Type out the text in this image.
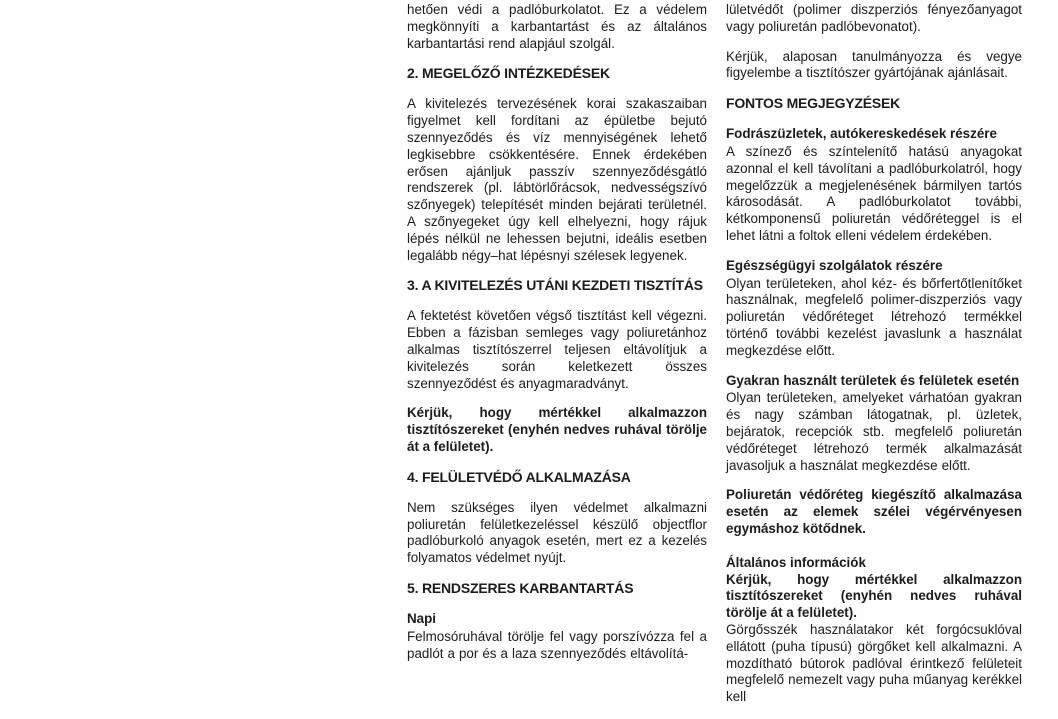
hetően védi a padlóburkolatot. Ez a védelem megkönnyíti a karbantartást és az általános karbantartási rend alapjául szolgál.

2. MEGELŐZŐ INTÉZKEDÉSEK

A kivitelezés tervezésének korai szakaszaiban figyelmet kell fordítani az épületbe bejutó szennyeződés és víz mennyiségének lehető legkisebbre csökkentésére. Ennek érdekében erősen ajánljuk passzív szennyeződésgátló rendszerek (pl. lábtörlőrácsok, nedvességszívó szőnyegek) telepítését minden bejárati területnél. A szőnyegeket úgy kell elhelyezni, hogy rájuk lépés nélkül ne lehessen bejutni, ideális esetben legalább négy–hat lépésnyi szélesek legyenek.

3. A KIVITELEZÉS UTÁNI KEZDETI TISZTÍTÁS

A fektetést követően végső tisztítást kell végezni. Ebben a fázisban semleges vagy poliuretánhoz alkalmas tisztítószerrel teljesen eltávolítjuk a kivitelezés során keletkezett összes szennyeződést és anyagmaradványt.

Kérjük, hogy mértékkel alkalmazzon tisztítószereket (enyhén nedves ruhával törölje át a felületet).

4. FELÜLETVÉDŐ ALKALMAZÁSA

Nem szükséges ilyen védelmet alkalmazni poliuretán felületkezeléssel készülő objectflor padlóburkoló anyagok esetén, mert ez a kezelés folyamatos védelmet nyújt.

5. RENDSZERES KARBANTARTÁS
Napi

Felmosóruhával törölje fel vagy porszívózza fel a padlót a por és a laza szennyeződés eltávolítá-

lületvédőt (polimer diszperziós fényezőanyagot vagy poliuretán padlóbevonatot).

Kérjük, alaposan tanulmányozza és vegye figyelembe a tisztítószer gyártójának ajánlásait.

FONTOS MEGJEGYZÉSEK
Fodrászüzletek, autókereskedések részére

A színező és színtelenítő hatású anyagokat azonnal el kell távolítani a padlóburkolatról, hogy megelőzzük a megjelenésének bármilyen tartós károsodását. A padlóburkolatot további, kétkomponensű poliuretán védőréteggel is el lehet látni a foltok elleni védelem érdekében.

Egészségügyi szolgálatok részére

Olyan területeken, ahol kéz- és bőrfertőtlenítőket használnak, megfelelő polimer-diszperziós vagy poliuretán védőréteget létrehozó termékkel történő további kezelést javaslunk a használat megkezdése előtt.

Gyakran használt területek és felületek esetén

Olyan területeken, amelyeket várhatóan gyakran és nagy számban látogatnak, pl. üzletek, bejáratok, recepciók stb. megfelelő poliuretán védőréteget létrehozó termék alkalmazását javasoljuk a használat megkezdése előtt.

Poliuretán védőréteg kiegészítő alkalmazása esetén az elemek szélei végérvényesen egymáshoz kötődnek.

Általános információk

Kérjük, hogy mértékkel alkalmazzon tisztítószereket (enyhén nedves ruhával törölje át a felületet).

Görgősszék használatakor két forgócsuklóval ellátott (puha típusú) görgőket kell alkalmazni. A mozdítható bútorok padlóval érintkező felületeit megfelelő nemezelt vagy puha műanyag kerékkel kell
